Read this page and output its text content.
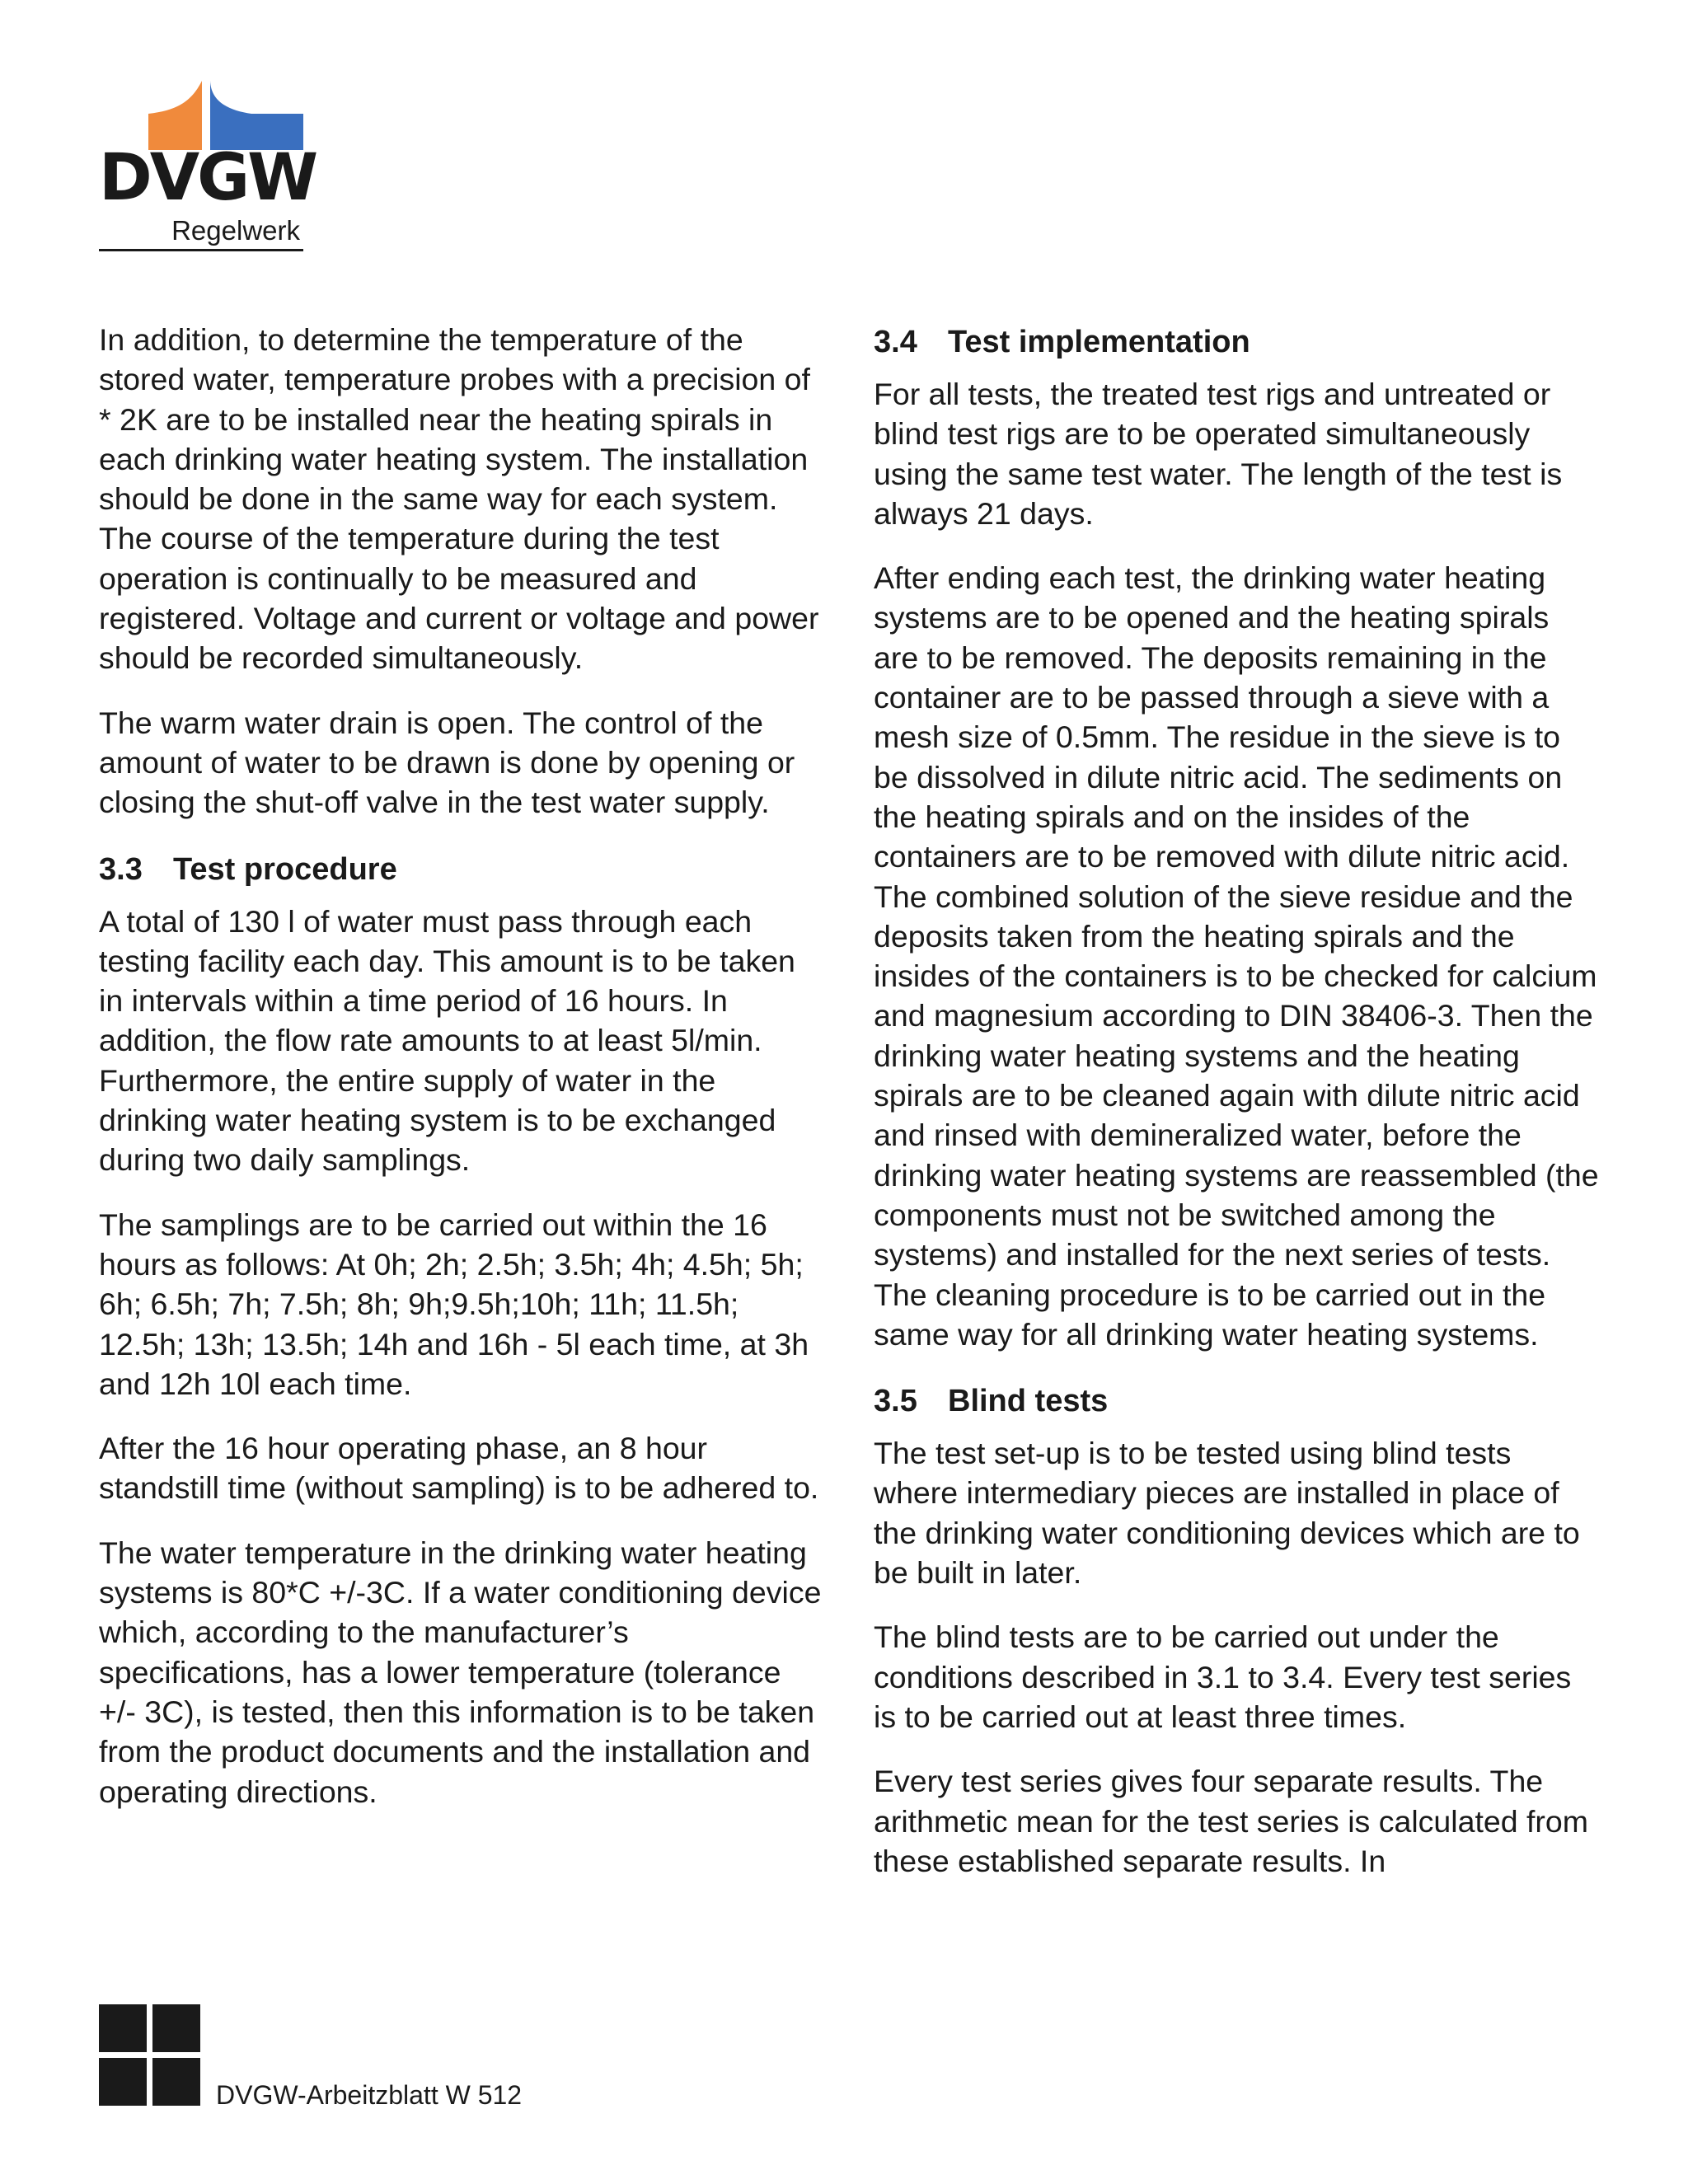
DVGW
Regelwerk

In addition, to determine the temperature of the stored water, temperature probes with a precision of * 2K are to be installed near the heating spirals in each drinking water heating system. The installation should be done in the same way for each system. The course of the temperature during the test operation is continually to be measured and registered. Voltage and current or voltage and power should be recorded simultaneously.

The warm water drain is open. The control of the amount of water to be drawn is done by opening or closing the shut-off valve in the test water supply.

3.3 Test procedure

A total of 130 l of water must pass through each testing facility each day. This amount is to be taken in intervals within a time period of 16 hours. In addition, the flow rate amounts to at least 5l/min. Furthermore, the entire supply of water in the drinking water heating system is to be exchanged during two daily samplings.

The samplings are to be carried out within the 16 hours as follows: At 0h; 2h; 2.5h; 3.5h; 4h; 4.5h; 5h; 6h; 6.5h; 7h; 7.5h; 8h; 9h;9.5h;10h; 11h; 11.5h; 12.5h; 13h; 13.5h; 14h and 16h - 5l each time, at 3h and 12h 10l each time.

After the 16 hour operating phase, an 8 hour standstill time (without sampling) is to be adhered to.

The water temperature in the drinking water heating systems is 80*C +/-3C. If a water conditioning device which, according to the manufacturer’s specifications, has a lower temperature (tolerance +/- 3C), is tested, then this information is to be taken from the product documents and the installation and operating directions.

3.4 Test implementation

For all tests, the treated test rigs and untreated or blind test rigs are to be operated simultaneously using the same test water. The length of the test is always 21 days.

After ending each test, the drinking water heating systems are to be opened and the heating spirals are to be removed. The deposits remaining in the container are to be passed through a sieve with a mesh size of 0.5mm. The residue in the sieve is to be dissolved in dilute nitric acid. The sediments on the heating spirals and on the insides of the containers are to be removed with dilute nitric acid. The combined solution of the sieve residue and the deposits taken from the heating spirals and the insides of the containers is to be checked for calcium and magnesium according to DIN 38406-3. Then the drinking water heating systems and the heating spirals are to be cleaned again with dilute nitric acid and rinsed with demineralized water, before the drinking water heating systems are reassembled (the components must not be switched among the systems) and installed for the next series of tests. The cleaning procedure is to be carried out in the same way for all drinking water heating systems.

3.5 Blind tests

The test set-up is to be tested using blind tests where intermediary pieces are installed in place of the drinking water conditioning devices which are to be built in later.

The blind tests are to be carried out under the conditions described in 3.1 to 3.4. Every test series is to be carried out at least three times.

Every test series gives four separate results. The arithmetic mean for the test series is calculated from these established separate results. In

DVGW-Arbeitzblatt W 512
